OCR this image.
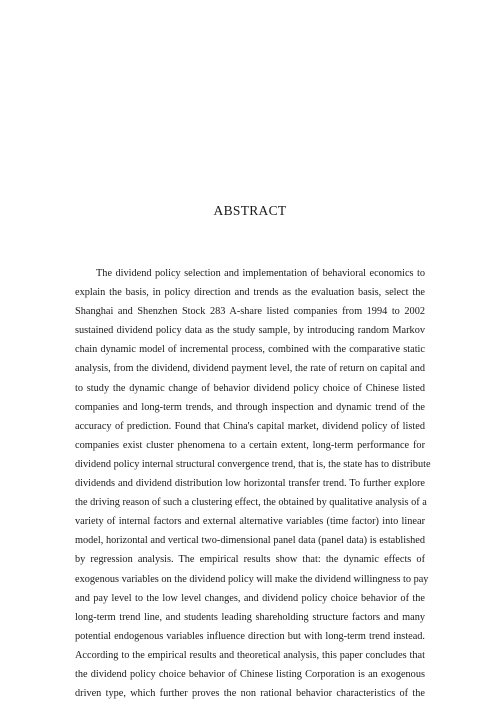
ABSTRACT
The dividend policy selection and implementation of behavioral economics to
explain the basis, in policy direction and trends as the evaluation basis, select the
Shanghai and Shenzhen Stock 283 A-share listed companies from 1994 to 2002
sustained dividend policy data as the study sample, by introducing random Markov
chain dynamic model of incremental process, combined with the comparative static
analysis, from the dividend, dividend payment level, the rate of return on capital and
to study the dynamic change of behavior dividend policy choice of Chinese listed
companies and long-term trends, and through inspection and dynamic trend of the
accuracy of prediction. Found that China's capital market, dividend policy of listed
companies exist cluster phenomena to a certain extent, long-term performance for
dividend policy internal structural convergence trend, that is, the state has to distribute
dividends and dividend distribution low horizontal transfer trend. To further explore
the driving reason of such a clustering effect, the obtained by qualitative analysis of a
variety of internal factors and external alternative variables (time factor) into linear
model, horizontal and vertical two-dimensional panel data (panel data) is established
by regression analysis. The empirical results show that: the dynamic effects of
exogenous variables on the dividend policy will make the dividend willingness to pay
and pay level to the low level changes, and dividend policy choice behavior of the
long-term trend line, and students leading shareholding structure factors and many
potential endogenous variables influence direction but with long-term trend instead.
According to the empirical results and theoretical analysis, this paper concludes that
the dividend policy choice behavior of Chinese listing Corporation is an exogenous
driven type, which further proves the non rational behavior characteristics of the
